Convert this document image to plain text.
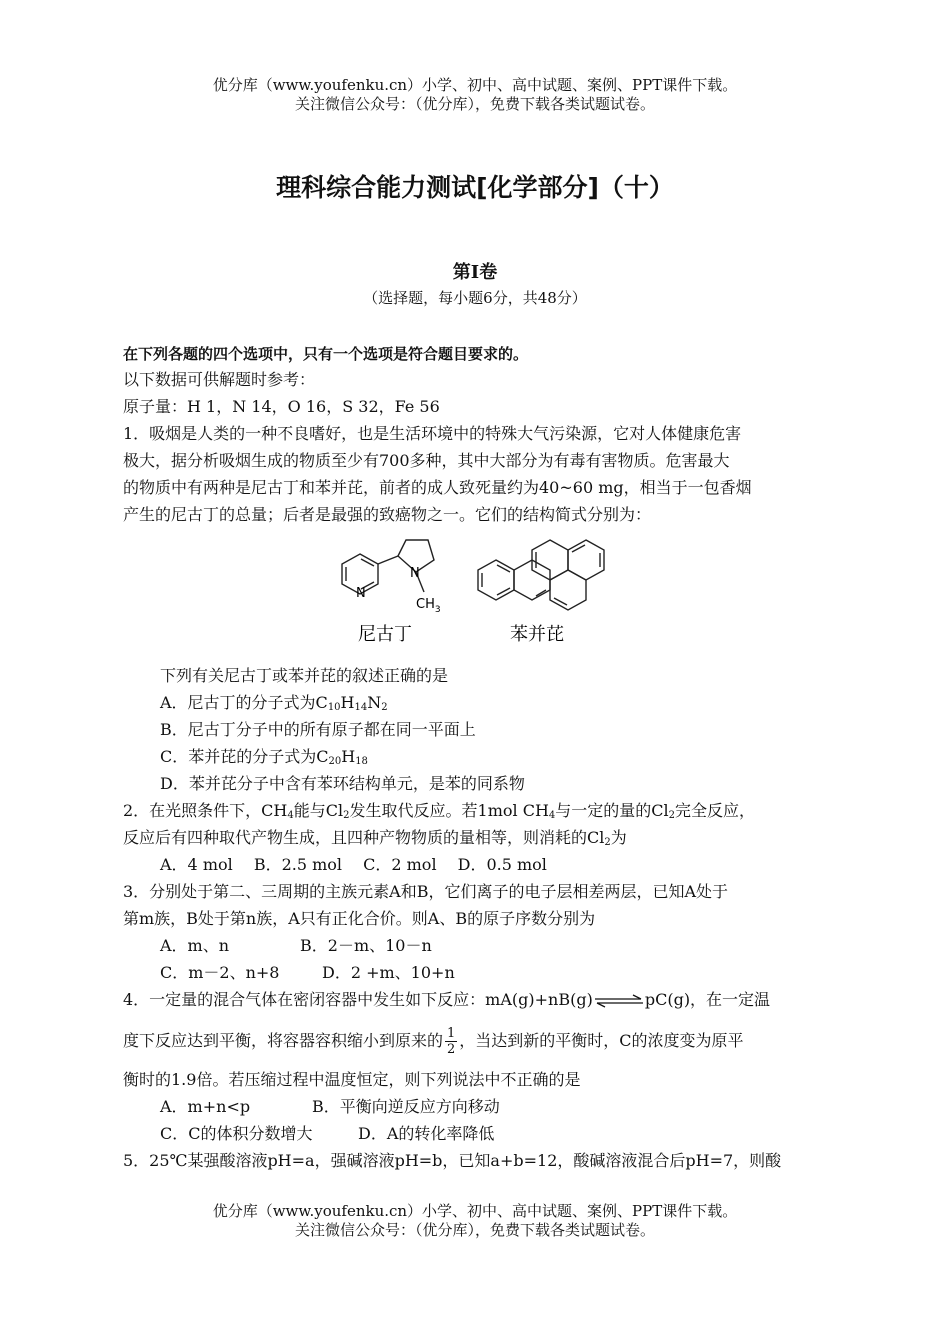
优分库（www.youfenku.cn）小学、初中、高中试题、案例、PPT课件下载。
关注微信公众号：（优分库），免费下载各类试题试卷。
理科综合能力测试[化学部分]（十）
第Ⅰ卷
（选择题，每小题6分，共48分）
在下列各题的四个选项中，只有一个选项是符合题目要求的。
以下数据可供解题时参考：
原子量：H 1，N 14，O 16，S 32，Fe 56
1．吸烟是人类的一种不良嗜好，也是生活环境中的特殊大气污染源，它对人体健康危害
极大，据分析吸烟生成的物质至少有700多种，其中大部分为有毒有害物质。危害最大
的物质中有两种是尼古丁和苯并芘，前者的成人致死量约为40~60 mg，相当于一包香烟
产生的尼古丁的总量；后者是最强的致癌物之一。它们的结构简式分别为：
N
N
$CH_3$
尼古丁	苯并芘
下列有关尼古丁或苯并芘的叙述正确的是
A．尼古丁的分子式为$C_{10}H_{14}N_2$
B．尼古丁分子中的所有原子都在同一平面上
C．苯并芘的分子式为$C_{20}H_{18}$
D．苯并芘分子中含有苯环结构单元，是苯的同系物
2．在光照条件下，$CH_4$能与$Cl_2$发生取代反应。若1mol $CH_4$与一定的量的$Cl_2$完全反应，
反应后有四种取代产物生成，且四种产物物质的量相等，则消耗的$Cl_2$为
A．4 mol　 B．2.5 mol　 C．2 mol　 D．0.5 mol
3．分别处于第二、三周期的主族元素A和B，它们离子的电子层相差两层，已知A处于
第m族，B处于第n族，A只有正化合价。则A、B的原子序数分别为
A．m、n	B．2－m、10－n
C．m－2、n+8	D．2 +m、10+n
4．一定量的混合气体在密闭容器中发生如下反应：mA(g)+nB(g)⇌pC(g)，在一定温
度下反应达到平衡，将容器容积缩小到原来的 $\frac{1}{2}$ ，当达到新的平衡时，C的浓度变为原平
衡时的1.9倍。若压缩过程中温度恒定，则下列说法中不正确的是
A．m+n<p	B．平衡向逆反应方向移动
C．C的体积分数增大	D．A的转化率降低
5．25℃某强酸溶液pH=a，强碱溶液pH=b，已知a+b=12，酸碱溶液混合后pH=7，则酸
优分库（www.youfenku.cn）小学、初中、高中试题、案例、PPT课件下载。
关注微信公众号：（优分库），免费下载各类试题试卷。
